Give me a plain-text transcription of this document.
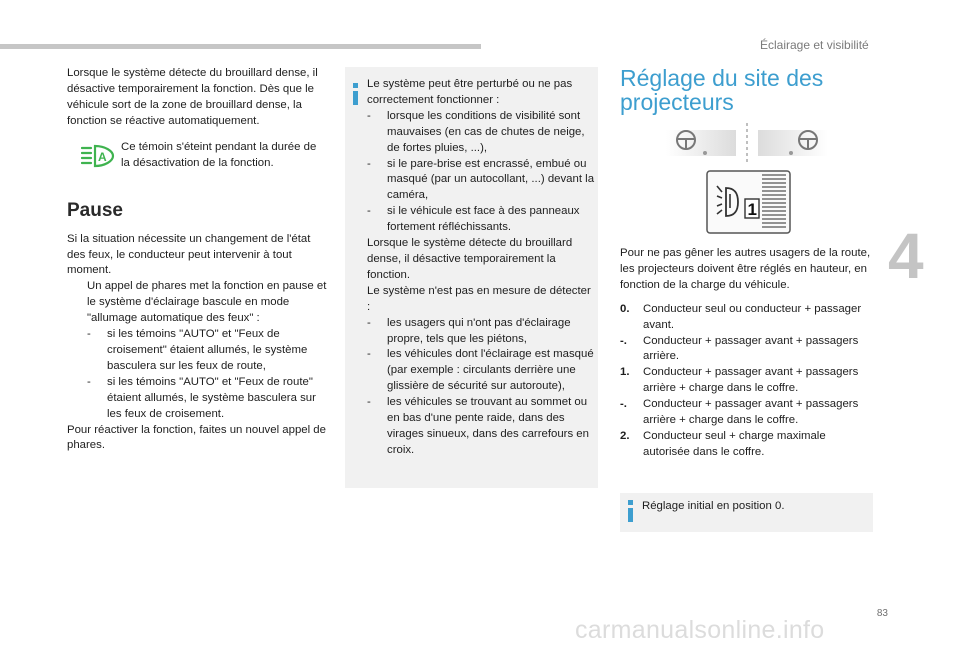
Éclairage et visibilité
4

Lorsque le système détecte du brouillard dense, il désactive temporairement la fonction. Dès que le véhicule sort de la zone de brouillard dense, la fonction se réactive automatiquement.

A
Ce témoin s'éteint pendant la durée de la désactivation de la fonction.

Pause

Si la situation nécessite un changement de l'état des feux, le conducteur peut intervenir à tout moment.

Un appel de phares met la fonction en pause et le système d'éclairage bascule en mode "allumage automatique des feux" :

- si les témoins "AUTO" et "Feux de croisement" étaient allumés, le système basculera sur les feux de route,

- si les témoins "AUTO" et "Feux de route" étaient allumés, le système basculera sur les feux de croisement.

Pour réactiver la fonction, faites un nouvel appel de phares.

Le système peut être perturbé ou ne pas correctement fonctionner :

- lorsque les conditions de visibilité sont mauvaises (en cas de chutes de neige, de fortes pluies, ...),

- si le pare-brise est encrassé, embué ou masqué (par un autocollant, ...) devant la caméra,

- si le véhicule est face à des panneaux fortement réfléchissants.

Lorsque le système détecte du brouillard dense, il désactive temporairement la fonction.

Le système n'est pas en mesure de détecter :

- les usagers qui n'ont pas d'éclairage propre, tels que les piétons,

- les véhicules dont l'éclairage est masqué (par exemple : circulants derrière une glissière de sécurité sur autoroute),

- les véhicules se trouvant au sommet ou en bas d'une pente raide, dans des virages sinueux, dans des carrefours en croix.

Réglage du site des projecteurs
1

Pour ne pas gêner les autres usagers de la route, les projecteurs doivent être réglés en hauteur, en fonction de la charge du véhicule.

0. Conducteur seul ou conducteur + passager avant.

-. Conducteur + passager avant + passagers arrière.

1. Conducteur + passager avant + passagers arrière + charge dans le coffre.

-. Conducteur + passager avant + passagers arrière + charge dans le coffre.

2. Conducteur seul + charge maximale autorisée dans le coffre.

Réglage initial en position 0.
83
carmanualsonline.info
